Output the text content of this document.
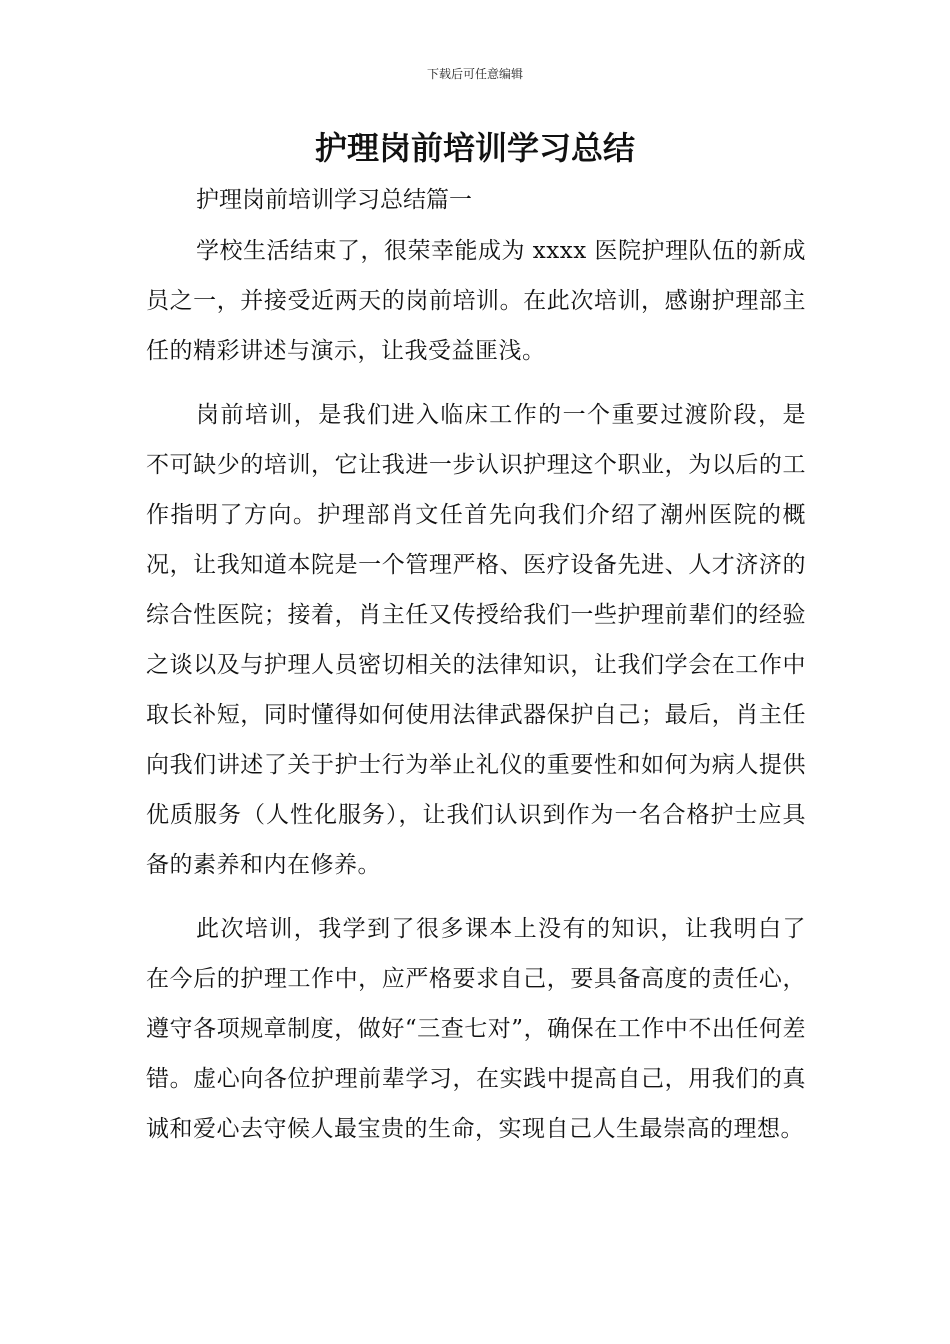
下载后可任意编辑
护理岗前培训学习总结

护理岗前培训学习总结篇一

学校生活结束了，很荣幸能成为 xxxx 医院护理队伍的新成员之一，并接受近两天的岗前培训。在此次培训，感谢护理部主任的精彩讲述与演示，让我受益匪浅。

岗前培训，是我们进入临床工作的一个重要过渡阶段，是不可缺少的培训，它让我进一步认识护理这个职业，为以后的工作指明了方向。护理部肖文任首先向我们介绍了潮州医院的概况，让我知道本院是一个管理严格、医疗设备先进、人才济济的综合性医院；接着，肖主任又传授给我们一些护理前辈们的经验之谈以及与护理人员密切相关的法律知识，让我们学会在工作中取长补短，同时懂得如何使用法律武器保护自己；最后，肖主任向我们讲述了关于护士行为举止礼仪的重要性和如何为病人提供优质服务（人性化服务），让我们认识到作为一名合格护士应具备的素养和内在修养。

此次培训，我学到了很多课本上没有的知识，让我明白了在今后的护理工作中，应严格要求自己，要具备高度的责任心，遵守各项规章制度，做好“三查七对”，确保在工作中不出任何差错。虚心向各位护理前辈学习，在实践中提高自己，用我们的真诚和爱心去守候人最宝贵的生命，实现自己人生最崇高的理想。
